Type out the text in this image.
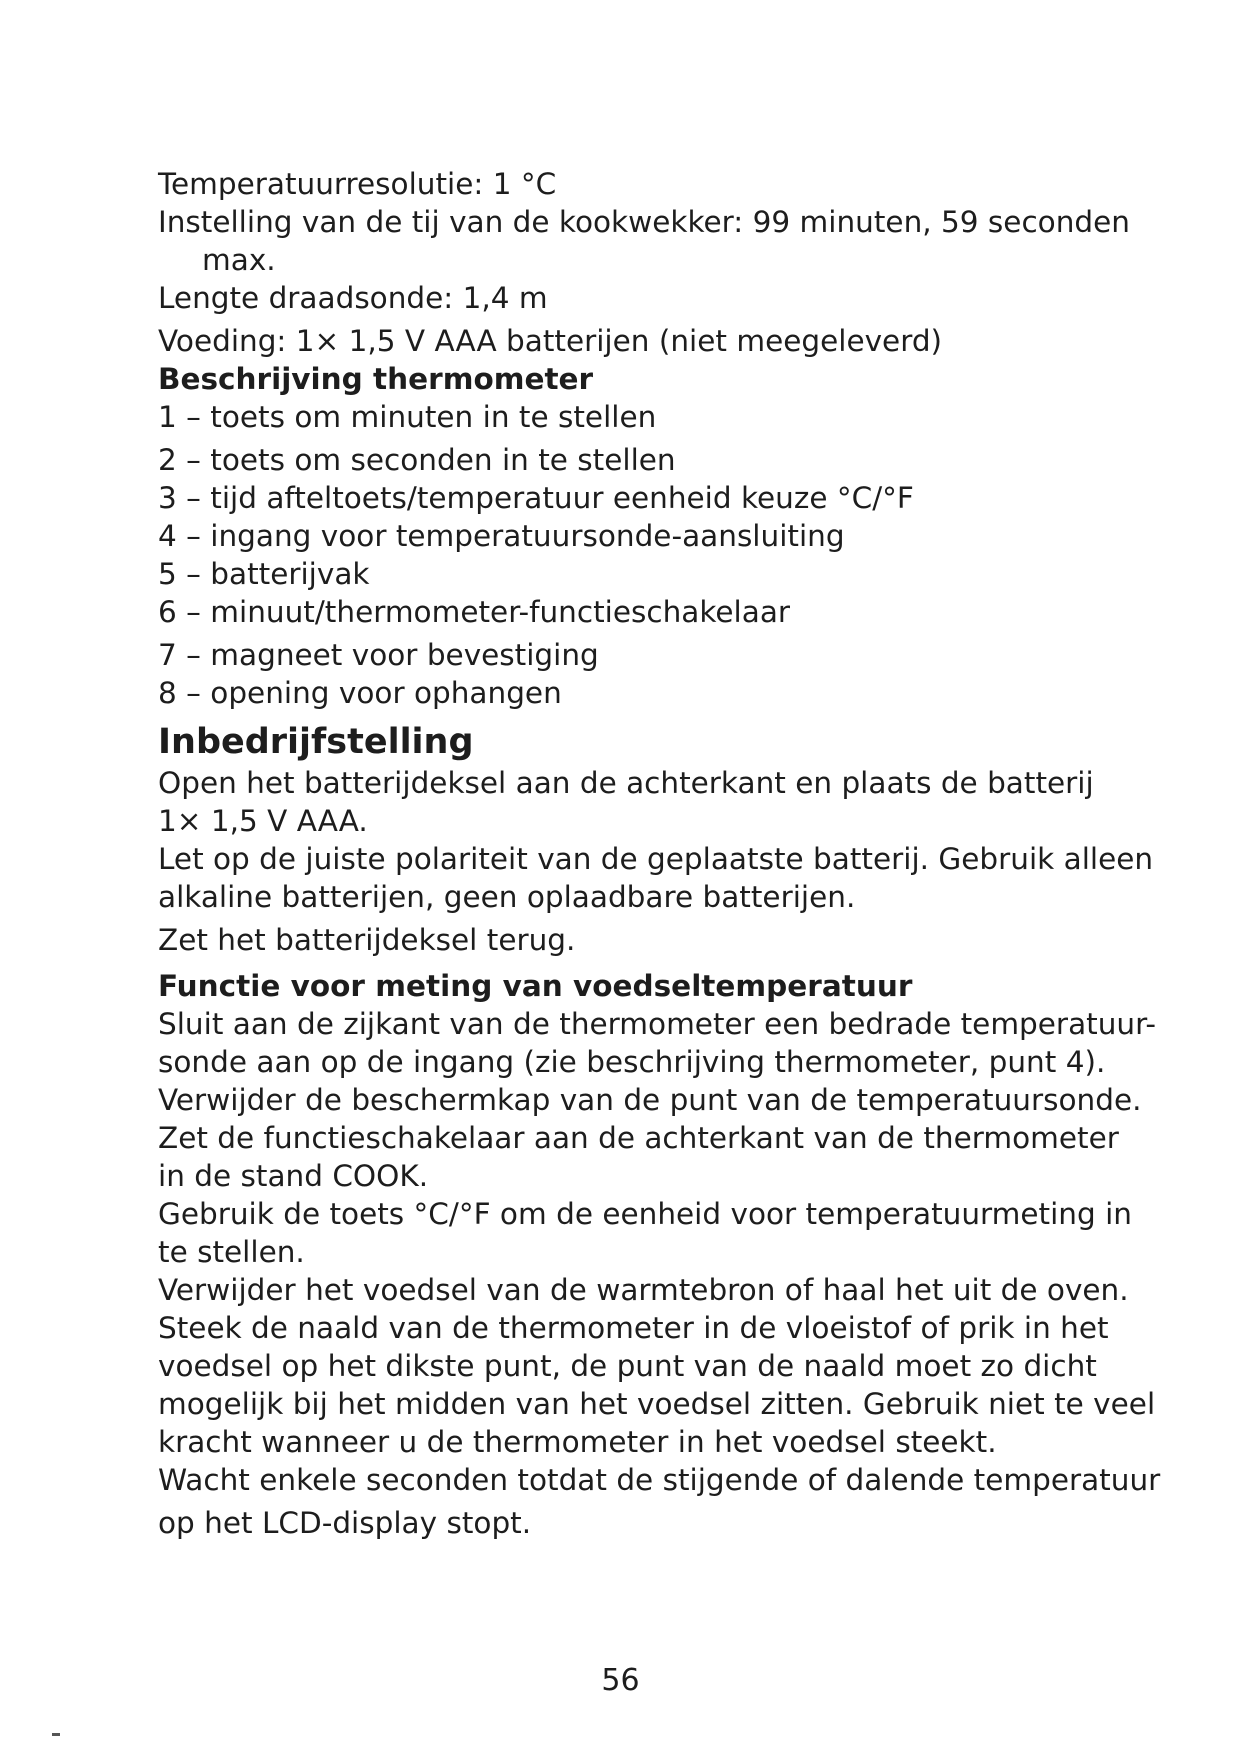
Temperatuurresolutie: 1 °C

Instelling van de tij van de kookwekker: 99 minuten, 59 seconden

max.

Lengte draadsonde: 1,4 m

Voeding: 1× 1,5 V AAA batterijen (niet meegeleverd)

Beschrijving thermometer

1 – toets om minuten in te stellen

2 – toets om seconden in te stellen

3 – tijd afteltoets/temperatuur eenheid keuze °C/°F

4 – ingang voor temperatuursonde-aansluiting

5 – batterijvak

6 – minuut/thermometer-functieschakelaar

7 – magneet voor bevestiging

8 – opening voor ophangen

Inbedrijfstelling

Open het batterijdeksel aan de achterkant en plaats de batterij

1× 1,5 V AAA.

Let op de juiste polariteit van de geplaatste batterij. Gebruik alleen

alkaline batterijen, geen oplaadbare batterijen.

Zet het batterijdeksel terug.

Functie voor meting van voedseltemperatuur

Sluit aan de zijkant van de thermometer een bedrade temperatuur-

sonde aan op de ingang (zie beschrijving thermometer, punt 4).

Verwijder de beschermkap van de punt van de temperatuursonde.

Zet de functieschakelaar aan de achterkant van de thermometer

in de stand COOK.

Gebruik de toets °C/°F om de eenheid voor temperatuurmeting in

te stellen.

Verwijder het voedsel van de warmtebron of haal het uit de oven.

Steek de naald van de thermometer in de vloeistof of prik in het

voedsel op het dikste punt, de punt van de naald moet zo dicht

mogelijk bij het midden van het voedsel zitten. Gebruik niet te veel

kracht wanneer u de thermometer in het voedsel steekt.

Wacht enkele seconden totdat de stijgende of dalende temperatuur

op het LCD-display stopt.

56
